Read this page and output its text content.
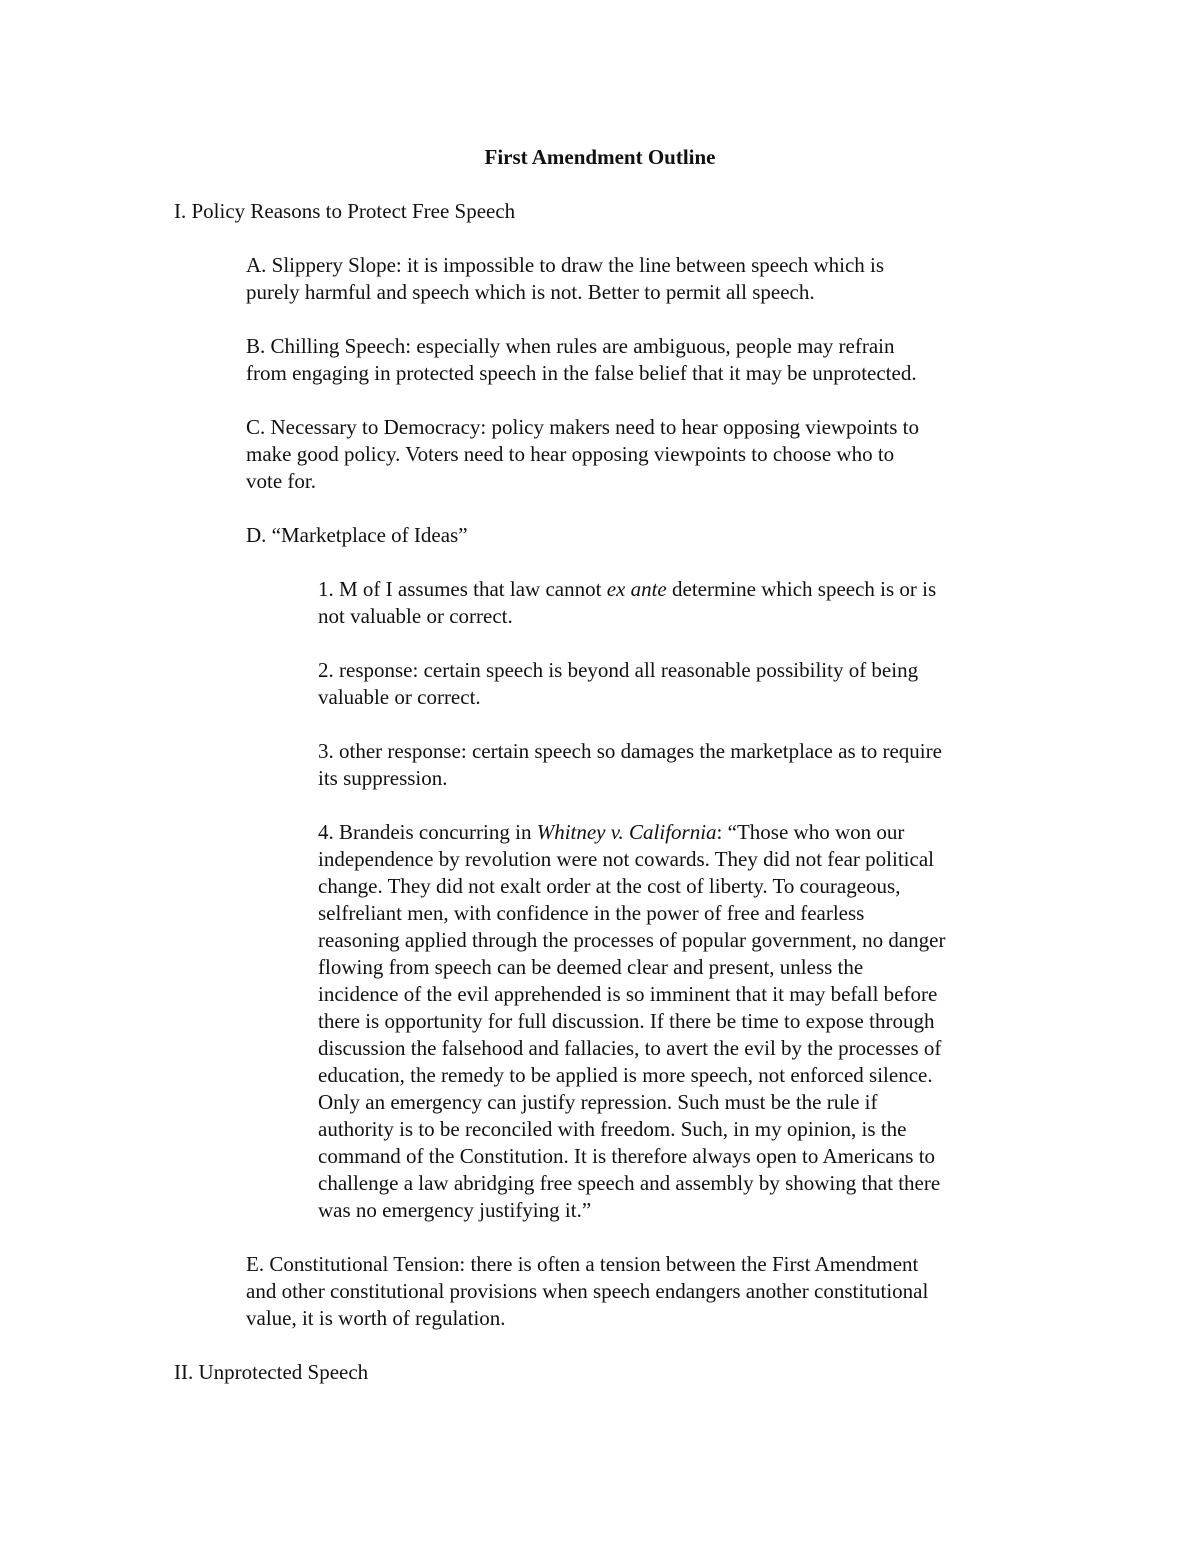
First Amendment Outline

I. Policy Reasons to Protect Free Speech

A. Slippery Slope: it is impossible to draw the line between speech which is
purely harmful and speech which is not. Better to permit all speech.
B. Chilling Speech: especially when rules are ambiguous, people may refrain
from engaging in protected speech in the false belief that it may be unprotected.
C. Necessary to Democracy: policy makers need to hear opposing viewpoints to
make good policy. Voters need to hear opposing viewpoints to choose who to
vote for.

D. “Marketplace of Ideas”

1. M of I assumes that law cannot ex ante determine which speech is or is
not valuable or correct.
2. response: certain speech is beyond all reasonable possibility of being
valuable or correct.
3. other response: certain speech so damages the marketplace as to require
its suppression.
4. Brandeis concurring in Whitney v. California: “Those who won our
independence by revolution were not cowards. They did not fear political
change. They did not exalt order at the cost of liberty. To courageous,
selfreliant men, with confidence in the power of free and fearless
reasoning applied through the processes of popular government, no danger
flowing from speech can be deemed clear and present, unless the
incidence of the evil apprehended is so imminent that it may befall before
there is opportunity for full discussion. If there be time to expose through
discussion the falsehood and fallacies, to avert the evil by the processes of
education, the remedy to be applied is more speech, not enforced silence.
Only an emergency can justify repression. Such must be the rule if
authority is to be reconciled with freedom. Such, in my opinion, is the
command of the Constitution. It is therefore always open to Americans to
challenge a law abridging free speech and assembly by showing that there
was no emergency justifying it.”
E. Constitutional Tension: there is often a tension between the First Amendment
and other constitutional provisions when speech endangers another constitutional
value, it is worth of regulation.

II. Unprotected Speech
